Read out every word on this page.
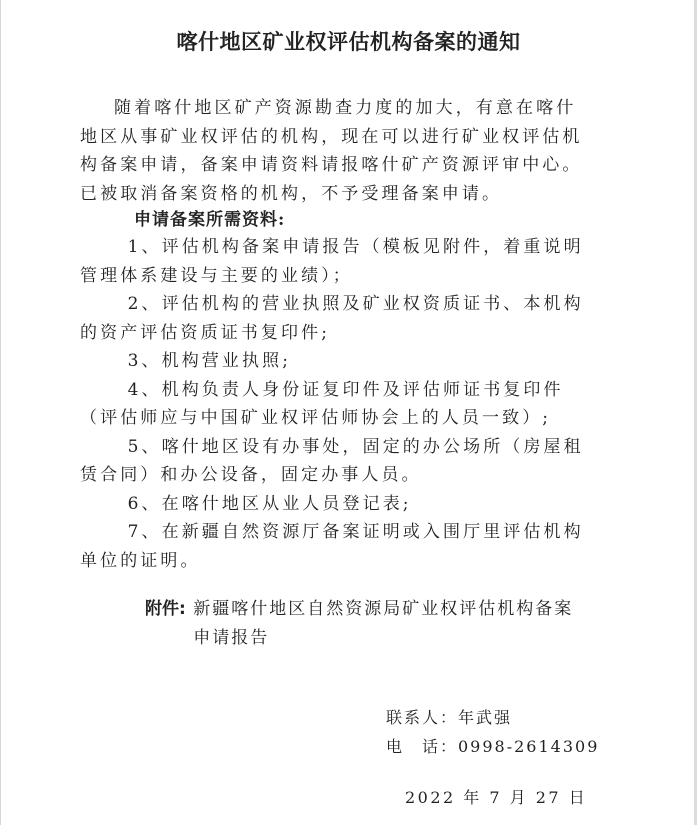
喀什地区矿业权评估机构备案的通知

随着喀什地区矿产资源勘查力度的加大，有意在喀什地区从事矿业权评估的机构，现在可以进行矿业权评估机构备案申请，备案申请资料请报喀什矿产资源评审中心。已被取消备案资格的机构，不予受理备案申请。

申请备案所需资料:

1、评估机构备案申请报告（模板见附件，着重说明管理体系建设与主要的业绩）；

2、评估机构的营业执照及矿业权资质证书、本机构的资产评估资质证书复印件;

3、机构营业执照;

4、机构负责人身份证复印件及评估师证书复印件（评估师应与中国矿业权评估师协会上的人员一致）;

5、喀什地区设有办事处，固定的办公场所（房屋租赁合同）和办公设备，固定办事人员。

6、在喀什地区从业人员登记表;

7、在新疆自然资源厅备案证明或入围厅里评估机构单位的证明。

附件: 新疆喀什地区自然资源局矿业权评估机构备案申请报告
联系人：年武强
电　话：0998-2614309
2022 年 7 月 27 日
